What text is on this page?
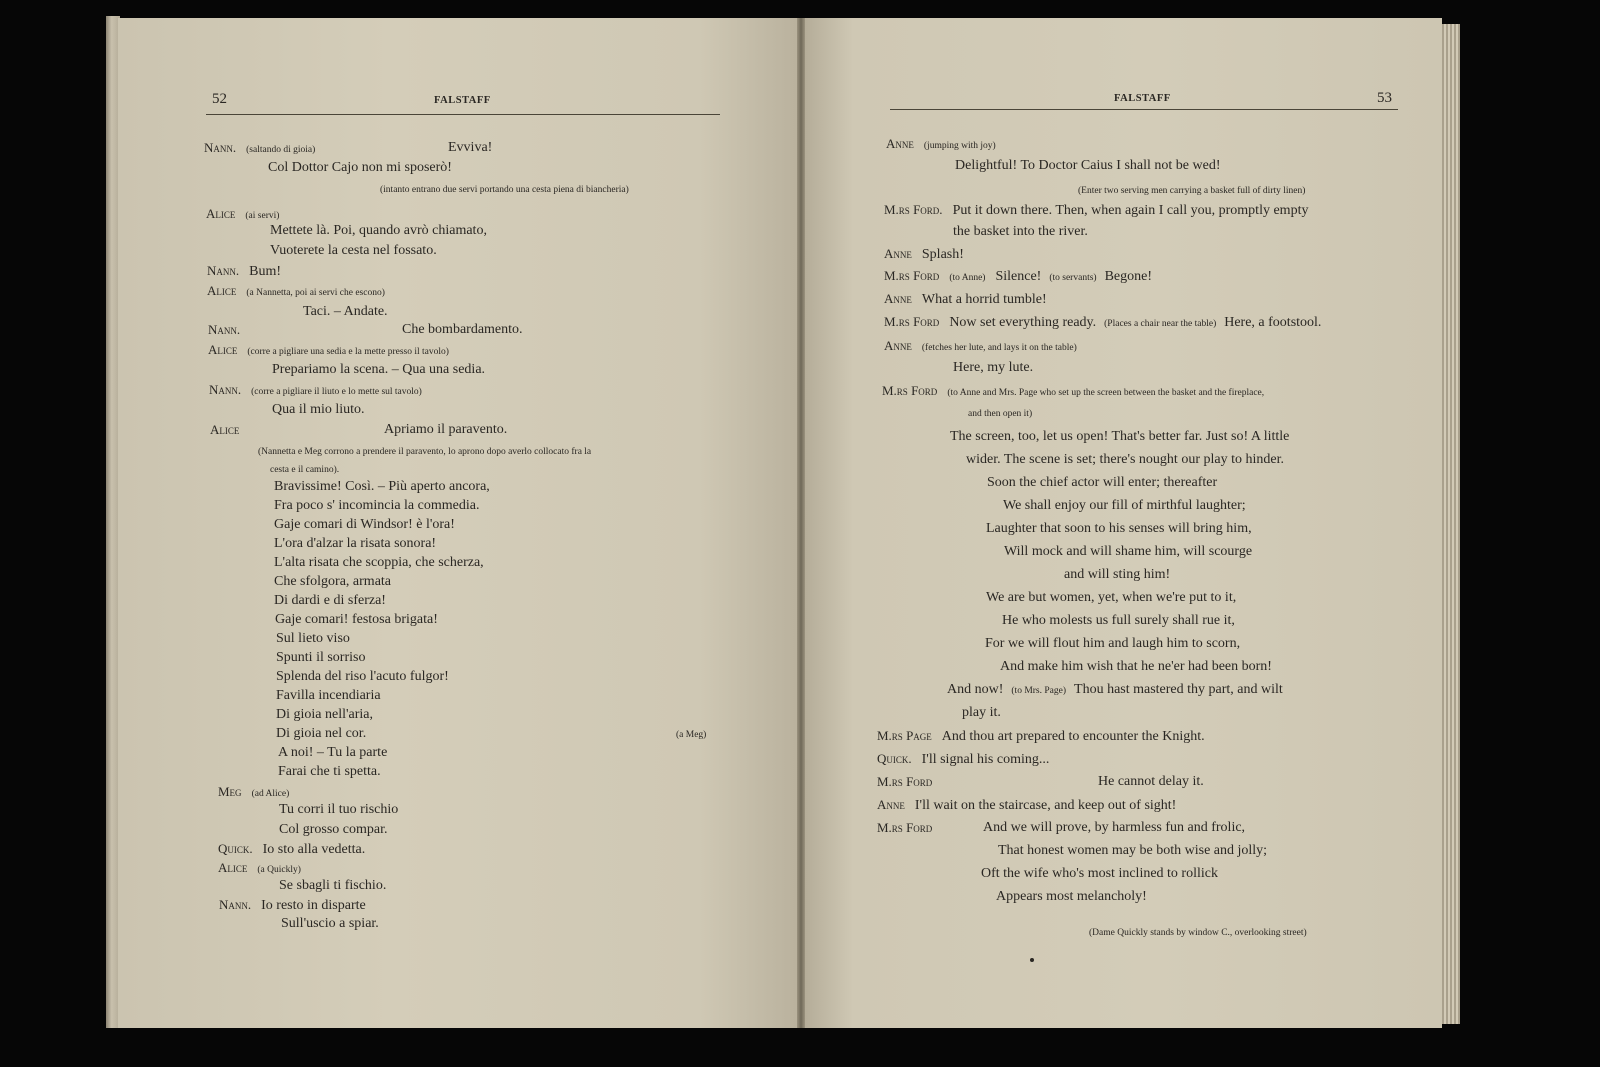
52	FALSTAFF	FALSTAFF	53
Nann. (saltando di gioia)	Evviva!
Col Dottor Cajo non mi sposerò!
(intanto entrano due servi portando una cesta piena di biancheria)
Alice (ai servi)
Mettete là. Poi, quando avrò chiamato,
Vuoterete la cesta nel fossato.
Nann. Bum!
Alice (a Nannetta, poi ai servi che escono)
Taci. – Andate.
Nann.	Che bombardamento.
Alice (corre a pigliare una sedia e la mette presso il tavolo)
Prepariamo la scena. – Qua una sedia.
Nann. (corre a pigliare il liuto e lo mette sul tavolo)
Qua il mio liuto.
Alice	Apriamo il paravento.
(Nannetta e Meg corrono a prendere il paravento, lo aprono dopo averlo collocato fra la
cesta e il camino).
Bravissime! Così. – Più aperto ancora,
Fra poco s' incomincia la commedia.
Gaje comari di Windsor! è l'ora!
L'ora d'alzar la risata sonora!
L'alta risata che scoppia, che scherza,
Che sfolgora, armata
Di dardi e di sferza!
Gaje comari! festosa brigata!
Sul lieto viso
Spunti il sorriso
Splenda del riso l'acuto fulgor!
Favilla incendiaria
Di gioia nell'aria,
Di gioia nel cor.	(a Meg)
A noi! – Tu la parte
Farai che ti spetta.
Meg (ad Alice)
Tu corri il tuo rischio
Col grosso compar.
Quick. Io sto alla vedetta.
Alice (a Quickly)
Se sbagli ti fischio.
Nann. Io resto in disparte
Sull'uscio a spiar.
Anne (jumping with joy)
Delightful! To Doctor Caius I shall not be wed!
(Enter two serving men carrying a basket full of dirty linen)
M.rs Ford. Put it down there. Then, when again I call you, promptly empty
the basket into the river.
Anne Splash!
M.rs Ford (to Anne) Silence! (to servants) Begone!
Anne What a horrid tumble!
M.rs Ford Now set everything ready. (Places a chair near the table) Here, a footstool.
Anne (fetches her lute, and lays it on the table)
Here, my lute.
M.rs Ford (to Anne and Mrs. Page who set up the screen between the basket and the fireplace,
and then open it)
The screen, too, let us open! That's better far. Just so! A little
wider. The scene is set; there's nought our play to hinder.
Soon the chief actor will enter; thereafter
We shall enjoy our fill of mirthful laughter;
Laughter that soon to his senses will bring him,
Will mock and will shame him, will scourge
and will sting him!
We are but women, yet, when we're put to it,
He who molests us full surely shall rue it,
For we will flout him and laugh him to scorn,
And make him wish that he ne'er had been born!
And now! (to Mrs. Page) Thou hast mastered thy part, and wilt
play it.
M.rs Page And thou art prepared to encounter the Knight.
Quick. I'll signal his coming...
M.rs Ford	He cannot delay it.
Anne I'll wait on the staircase, and keep out of sight!
M.rs Ford	And we will prove, by harmless fun and frolic,
That honest women may be both wise and jolly;
Oft the wife who's most inclined to rollick
Appears most melancholy!
(Dame Quickly stands by window C., overlooking street)
